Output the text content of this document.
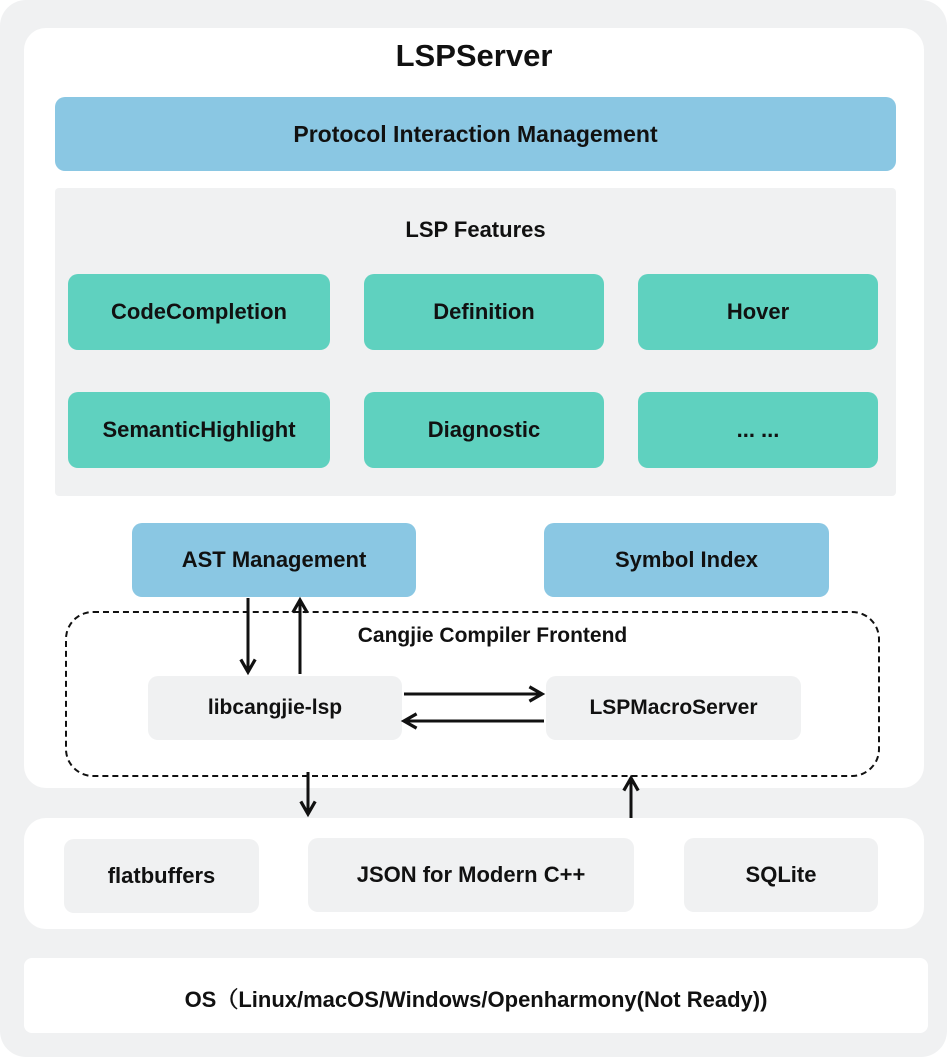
LSPServer
Protocol Interaction Management
LSP Features
CodeCompletion	Definition	Hover
SemanticHighlight	Diagnostic	... ...
AST Management	Symbol Index
Cangjie Compiler Frontend
libcangjie-lsp	LSPMacroServer
flatbuffers	JSON for Modern C++	SQLite
OS（Linux/macOS/Windows/Openharmony(Not Ready))
